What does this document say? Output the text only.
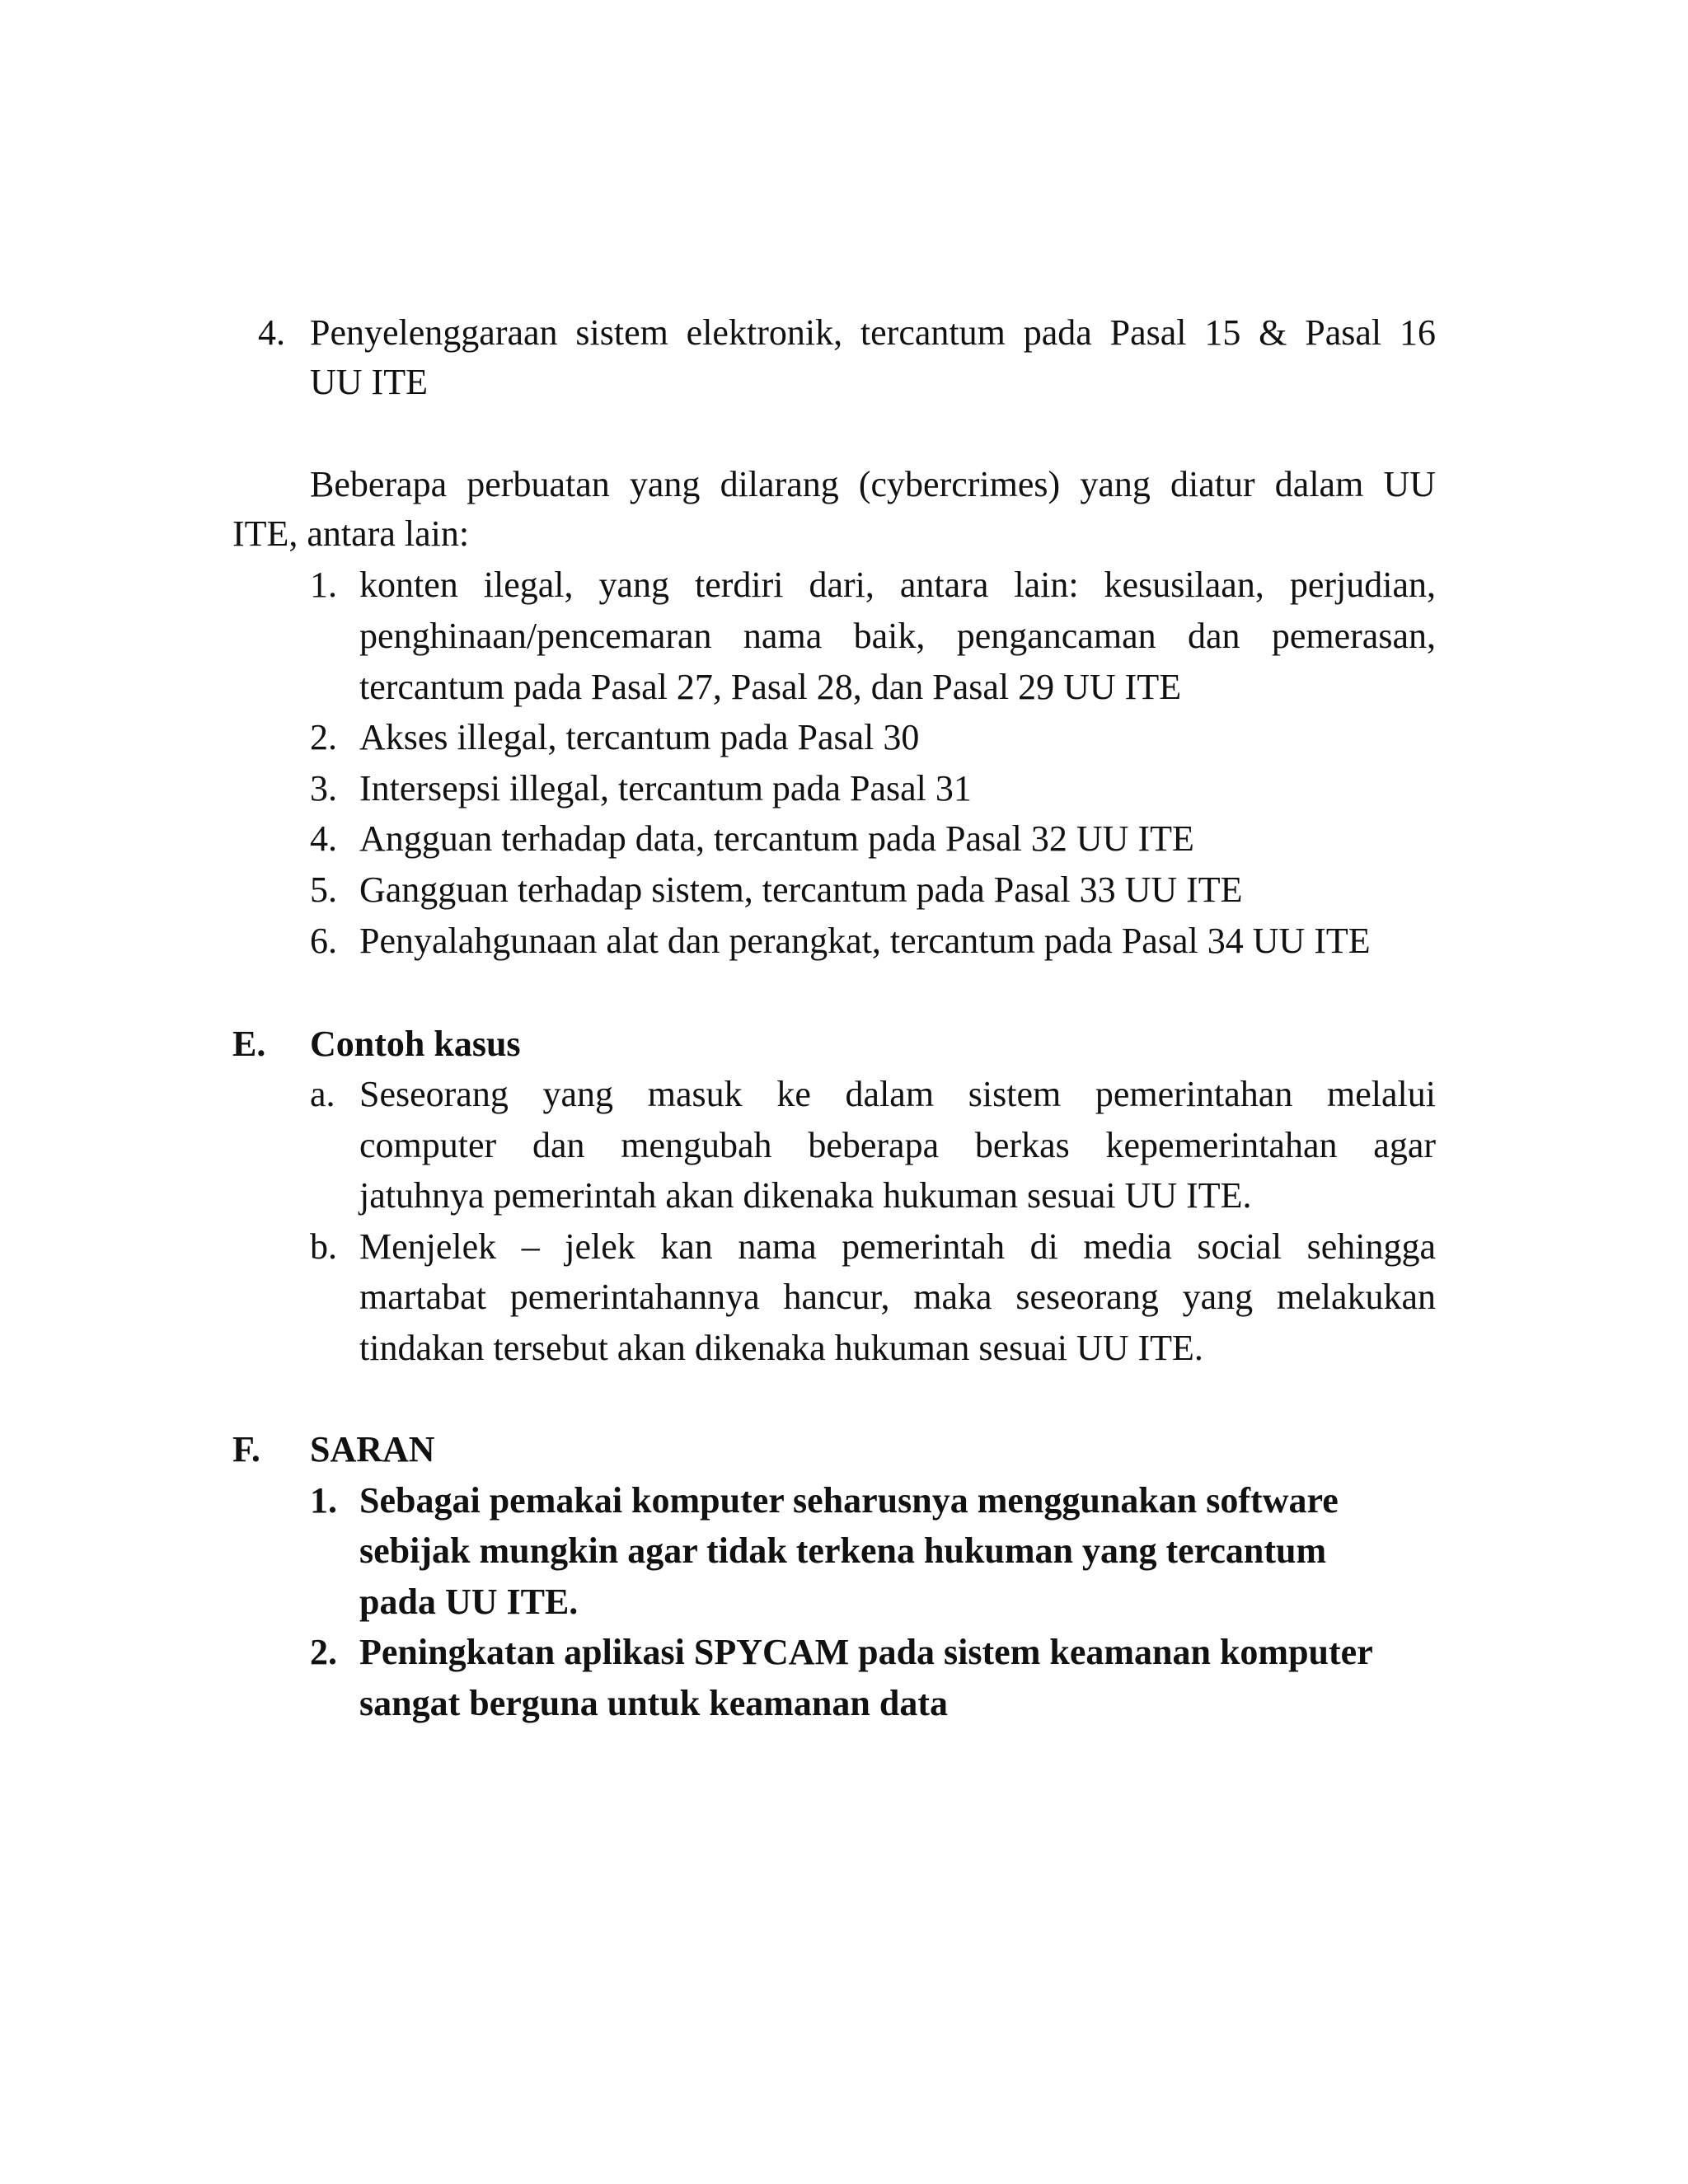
4. Penyelenggaraan sistem elektronik, tercantum pada Pasal 15 & Pasal 16
UU ITE
Beberapa perbuatan yang dilarang (cybercrimes) yang diatur dalam UU
ITE, antara lain:
1. konten ilegal, yang terdiri dari, antara lain: kesusilaan, perjudian,
penghinaan/pencemaran nama baik, pengancaman dan pemerasan,
tercantum pada Pasal 27, Pasal 28, dan Pasal 29 UU ITE
2. Akses illegal, tercantum pada Pasal 30
3. Intersepsi illegal, tercantum pada Pasal 31
4. Angguan terhadap data, tercantum pada Pasal 32 UU ITE
5. Gangguan terhadap sistem, tercantum pada Pasal 33 UU ITE
6. Penyalahgunaan alat dan perangkat, tercantum pada Pasal 34 UU ITE
E. Contoh kasus
a. Seseorang yang masuk ke dalam sistem pemerintahan melalui
computer dan mengubah beberapa berkas kepemerintahan agar
jatuhnya pemerintah akan dikenaka hukuman sesuai UU ITE.
b. Menjelek – jelek kan nama pemerintah di media social sehingga
martabat pemerintahannya hancur, maka seseorang yang melakukan
tindakan tersebut akan dikenaka hukuman sesuai UU ITE.
F. SARAN
1. Sebagai pemakai komputer seharusnya menggunakan software
sebijak mungkin agar tidak terkena hukuman yang tercantum
pada UU ITE.
2. Peningkatan aplikasi SPYCAM pada sistem keamanan komputer
sangat berguna untuk keamanan data
